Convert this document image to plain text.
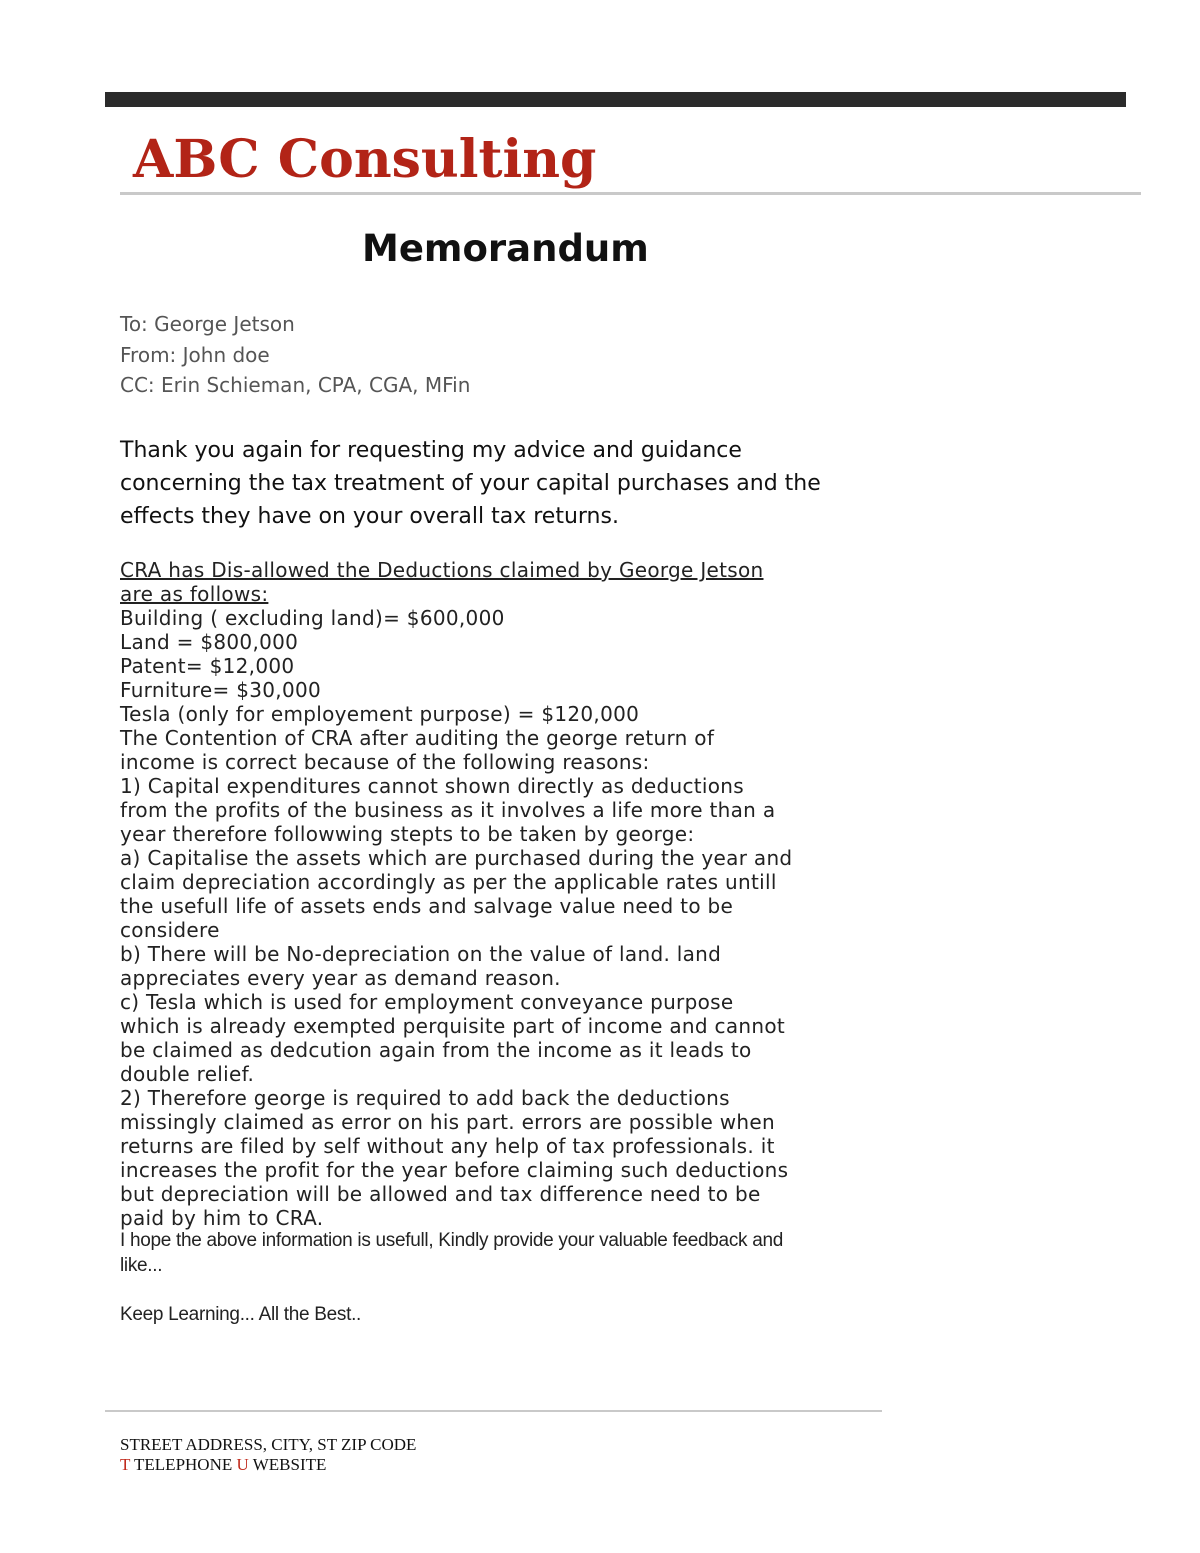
ABC Consulting
Memorandum
To: George Jetson
From: John doe
CC: Erin Schieman, CPA, CGA, MFin
Thank you again for requesting my advice and guidance
concerning the tax treatment of your capital purchases and the
effects they have on your overall tax returns.
CRA has Dis-allowed the Deductions claimed by George Jetson
are as follows:
Building ( excluding land)= $600,000
Land = $800,000
Patent= $12,000
Furniture= $30,000
Tesla (only for employement purpose) = $120,000
The Contention of CRA after auditing the george return of
income is correct because of the following reasons:
1) Capital expenditures cannot shown directly as deductions
from the profits of the business as it involves a life more than a
year therefore followwing stepts to be taken by george:
a) Capitalise the assets which are purchased during the year and
claim depreciation accordingly as per the applicable rates untill
the usefull life of assets ends and salvage value need to be
considere
b) There will be No-depreciation on the value of land. land
appreciates every year as demand reason.
c) Tesla which is used for employment conveyance purpose
which is already exempted perquisite part of income and cannot
be claimed as dedcution again from the income as it leads to
double relief.
2) Therefore george is required to add back the deductions
missingly claimed as error on his part. errors are possible when
returns are filed by self without any help of tax professionals. it
increases the profit for the year before claiming such deductions
but depreciation will be allowed and tax difference need to be
paid by him to CRA.
I hope the above information is usefull, Kindly provide your valuable feedback and
like...
Keep Learning... All the Best..
STREET ADDRESS, CITY, ST ZIP CODE
T TELEPHONE U WEBSITE
